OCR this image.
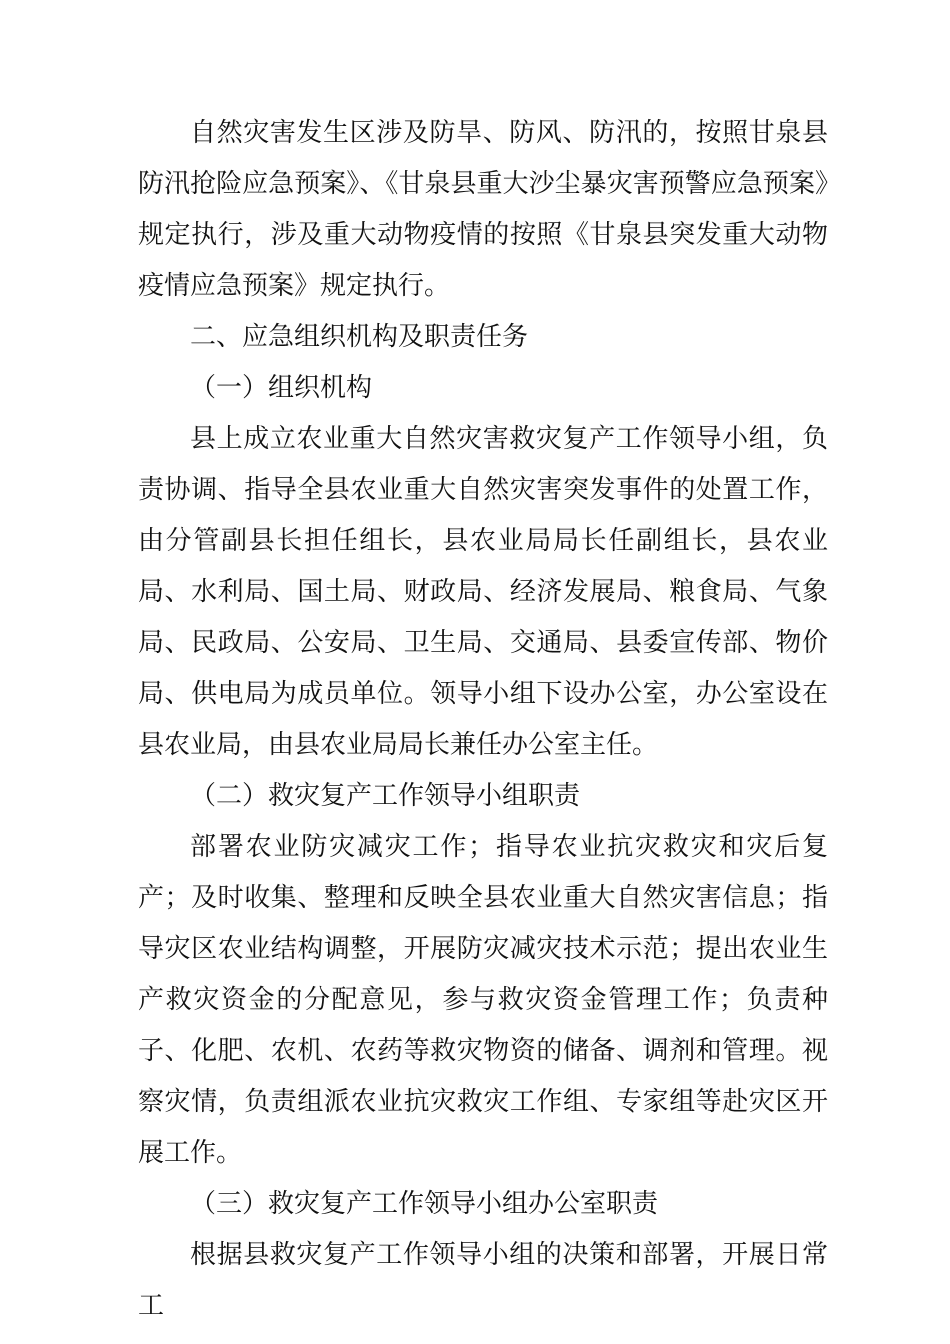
自然灾害发生区涉及防旱、防风、防汛的，按照甘泉县防汛抢险应急预案》、《甘泉县重大沙尘暴灾害预警应急预案》规定执行，涉及重大动物疫情的按照《甘泉县突发重大动物疫情应急预案》规定执行。

二、应急组织机构及职责任务

（一）组织机构

县上成立农业重大自然灾害救灾复产工作领导小组，负责协调、指导全县农业重大自然灾害突发事件的处置工作，由分管副县长担任组长，县农业局局长任副组长，县农业局、水利局、国土局、财政局、经济发展局、粮食局、气象局、民政局、公安局、卫生局、交通局、县委宣传部、物价局、供电局为成员单位。领导小组下设办公室，办公室设在县农业局，由县农业局局长兼任办公室主任。

（二）救灾复产工作领导小组职责

部署农业防灾减灾工作；指导农业抗灾救灾和灾后复产；及时收集、整理和反映全县农业重大自然灾害信息；指导灾区农业结构调整，开展防灾减灾技术示范；提出农业生产救灾资金的分配意见，参与救灾资金管理工作；负责种子、化肥、农机、农药等救灾物资的储备、调剂和管理。视察灾情，负责组派农业抗灾救灾工作组、专家组等赴灾区开展工作。

（三）救灾复产工作领导小组办公室职责

根据县救灾复产工作领导小组的决策和部署，开展日常工
